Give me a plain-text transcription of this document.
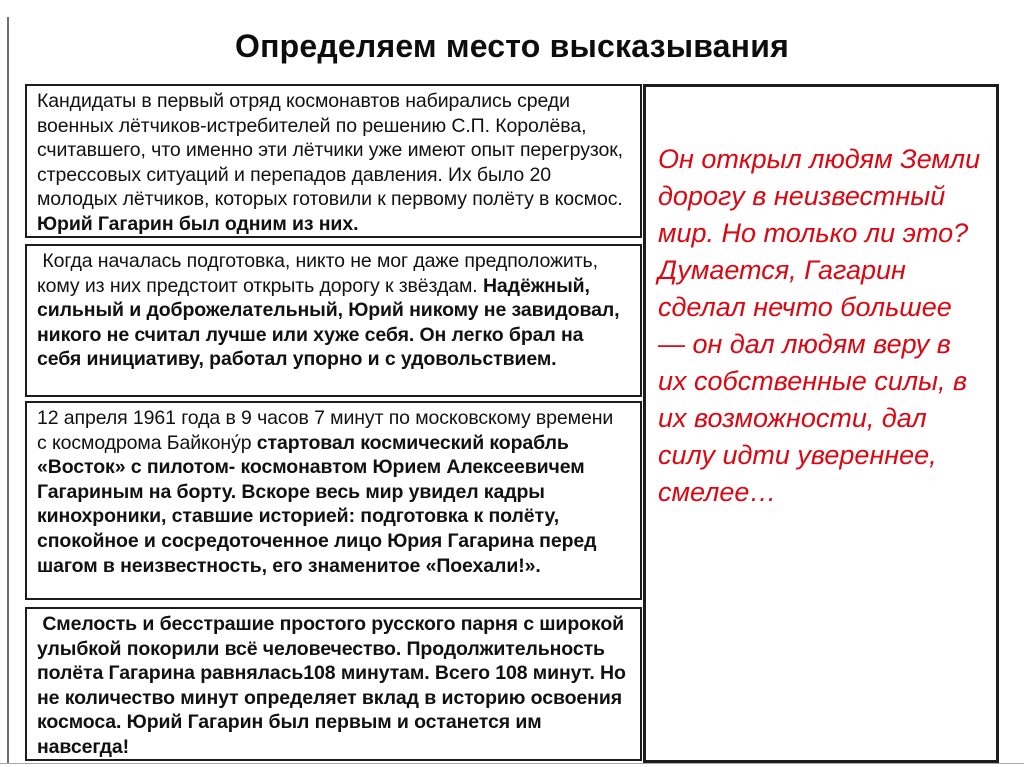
Определяем место высказывания

Кандидаты в первый отряд космонавтов набирались среди военных лётчиков-истребителей по решению С.П. Королёва, считавшего, что именно эти лётчики уже имеют опыт перегрузок, стрессовых ситуаций и перепадов давления. Их было 20 молодых лётчиков, которых готовили к первому полёту в космос. Юрий Гагарин был одним из них.

Когда началась подготовка, никто не мог даже предположить, кому из них предстоит открыть дорогу к звёздам. Надёжный, сильный и доброжелательный, Юрий никому не завидовал, никого не считал лучше или хуже себя. Он легко брал на себя инициативу, работал упорно и с удовольствием.

12 апреля 1961 года в 9 часов 7 минут по московскому времени  с космодрома Байкону́р стартовал космический корабль «Восток» с пилотом- космонавтом Юрием Алексеевичем Гагариным на борту. Вскоре весь мир увидел кадры кинохроники, ставшие историей: подготовка к полёту, спокойное и сосредоточенное лицо Юрия Гагарина перед шагом в неизвестность, его знаменитое «Поехали!».

Смелость и бесстрашие простого русского парня с широкой улыбкой покорили всё человечество. Продолжительность полёта Гагарина равнялась108 минутам. Всего 108 минут. Но не количество минут определяет вклад в историю освоения космоса. Юрий Гагарин был первым и останется им навсегда!

Он открыл людям Земли дорогу в неизвестный мир. Но только ли это? Думается, Гагарин сделал нечто большее — он дал людям веру в их собственные силы, в их возможности, дал силу идти увереннее, смелее…
